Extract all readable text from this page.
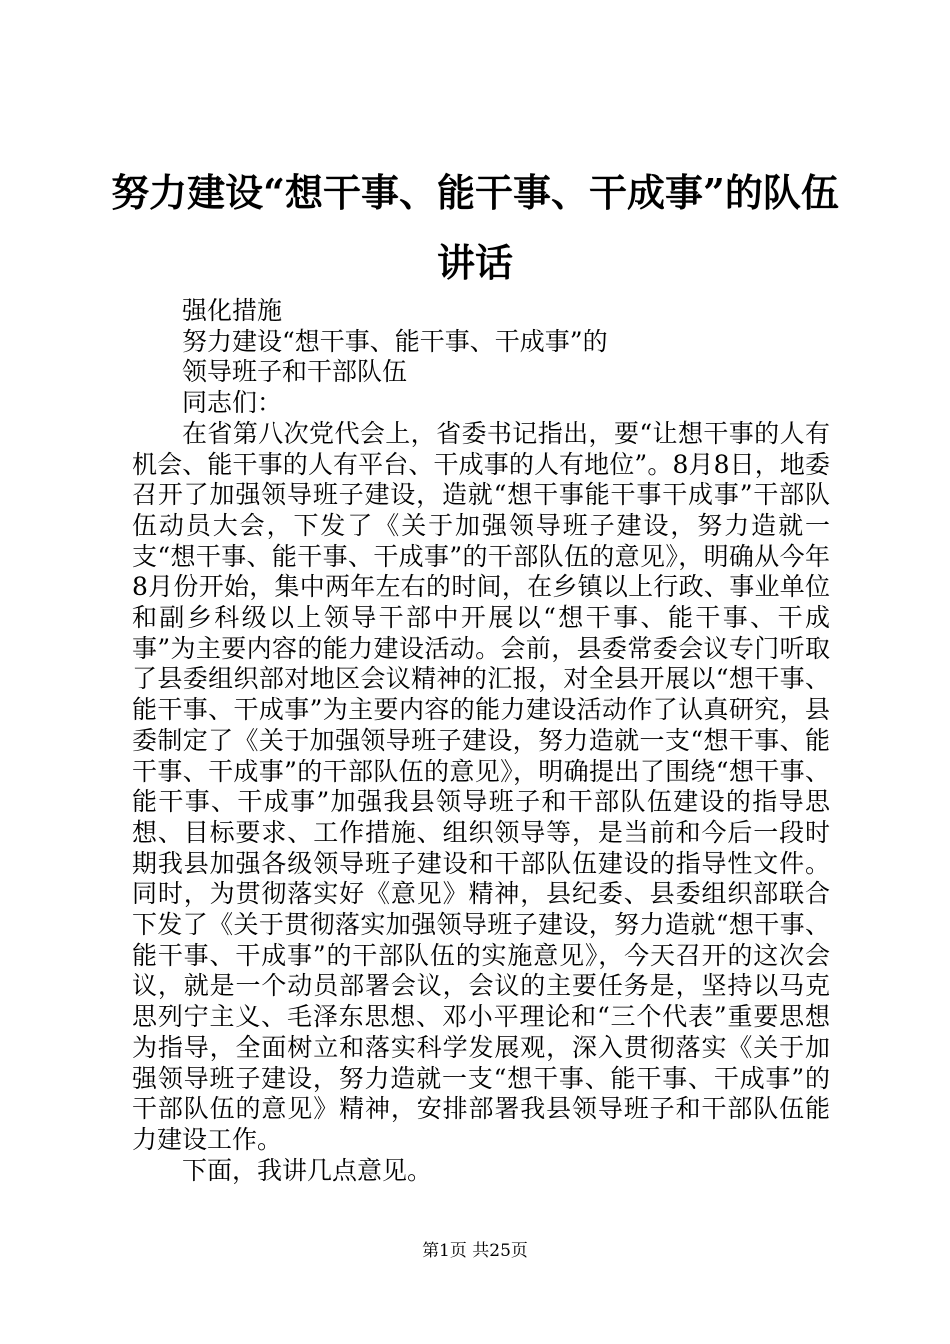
努力建设“想干事、能干事、干成事”的队伍
讲话

强化措施

努力建设“想干事、能干事、干成事”的

领导班子和干部队伍

同志们：

在省第八次党代会上，省委书记指出，要“让想干事的人有机会、能干事的人有平台、干成事的人有地位”。8月8日，地委召开了加强领导班子建设，造就“想干事能干事干成事”干部队伍动员大会，下发了《关于加强领导班子建设，努力造就一支“想干事、能干事、干成事”的干部队伍的意见》，明确从今年8月份开始，集中两年左右的时间，在乡镇以上行政、事业单位和副乡科级以上领导干部中开展以“想干事、能干事、干成事”为主要内容的能力建设活动。会前，县委常委会议专门听取了县委组织部对地区会议精神的汇报，对全县开展以“想干事、能干事、干成事”为主要内容的能力建设活动作了认真研究，县委制定了《关于加强领导班子建设，努力造就一支“想干事、能干事、干成事”的干部队伍的意见》，明确提出了围绕“想干事、能干事、干成事”加强我县领导班子和干部队伍建设的指导思想、目标要求、工作措施、组织领导等，是当前和今后一段时期我县加强各级领导班子建设和干部队伍建设的指导性文件。同时，为贯彻落实好《意见》精神，县纪委、县委组织部联合下发了《关于贯彻落实加强领导班子建设，努力造就“想干事、能干事、干成事”的干部队伍的实施意见》，今天召开的这次会议，就是一个动员部署会议，会议的主要任务是，坚持以马克思列宁主义、毛泽东思想、邓小平理论和“三个代表”重要思想为指导，全面树立和落实科学发展观，深入贯彻落实《关于加强领导班子建设，努力造就一支“想干事、能干事、干成事”的干部队伍的意见》精神，安排部署我县领导班子和干部队伍能力建设工作。

下面，我讲几点意见。

第1页 共25页
